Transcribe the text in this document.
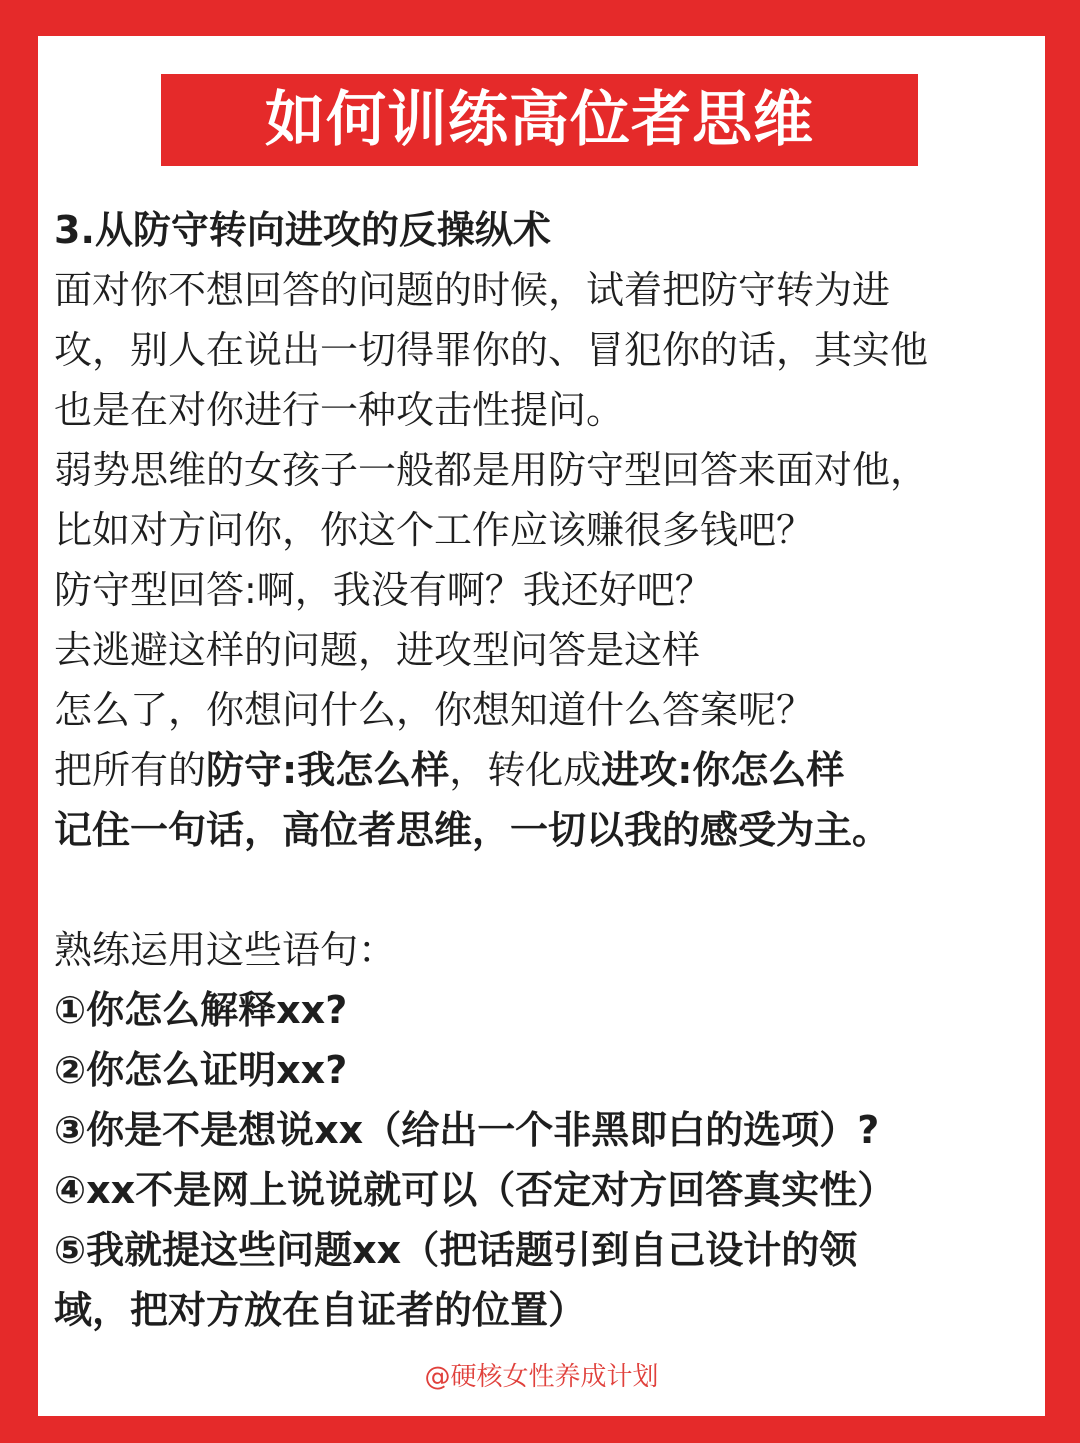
如何训练高位者思维

3.从防守转向进攻的反操纵术

面对你不想回答的问题的时候，试着把防守转为进

攻，别人在说出一切得罪你的、冒犯你的话，其实他

也是在对你进行一种攻击性提问。

弱势思维的女孩子一般都是用防守型回答来面对他，

比如对方问你，你这个工作应该赚很多钱吧？

防守型回答:啊，我没有啊？我还好吧？

去逃避这样的问题，进攻型问答是这样

怎么了，你想问什么，你想知道什么答案呢？

把所有的防守:我怎么样，转化成进攻:你怎么样

记住一句话，高位者思维，一切以我的感受为主。

熟练运用这些语句：

①你怎么解释xx?

②你怎么证明xx?

③你是不是想说xx（给出一个非黑即白的选项）?

④xx不是网上说说就可以（否定对方回答真实性）

⑤我就提这些问题xx（把话题引到自己设计的领

域，把对方放在自证者的位置）

@硬核女性养成计划
